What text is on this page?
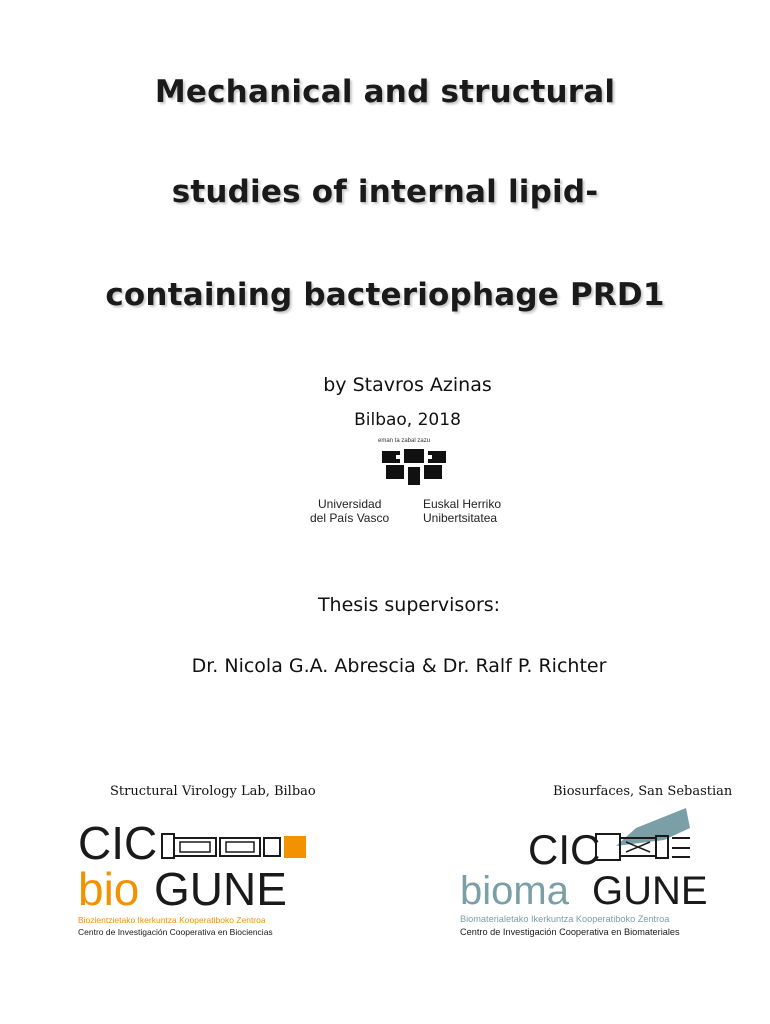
Mechanical and structural
studies of internal lipid-
containing bacteriophage PRD1
by Stavros Azinas
Bilbao, 2018
eman ta zabal zazu
Universidad
del País Vasco
Euskal Herriko
Unibertsitatea
Thesis supervisors:
Dr. Nicola G.A. Abrescia & Dr. Ralf P. Richter
Structural Virology Lab, Bilbao	Biosurfaces, San Sebastian
CIC
bio GUNE
Biozientzietako Ikerkuntza Kooperatiboko Zentroa
Centro de Investigación Cooperativa en Biociencias
CIC
bioma GUNE
Biomaterialetako Ikerkuntza Kooperatiboko Zentroa
Centro de Investigación Cooperativa en Biomateriales
